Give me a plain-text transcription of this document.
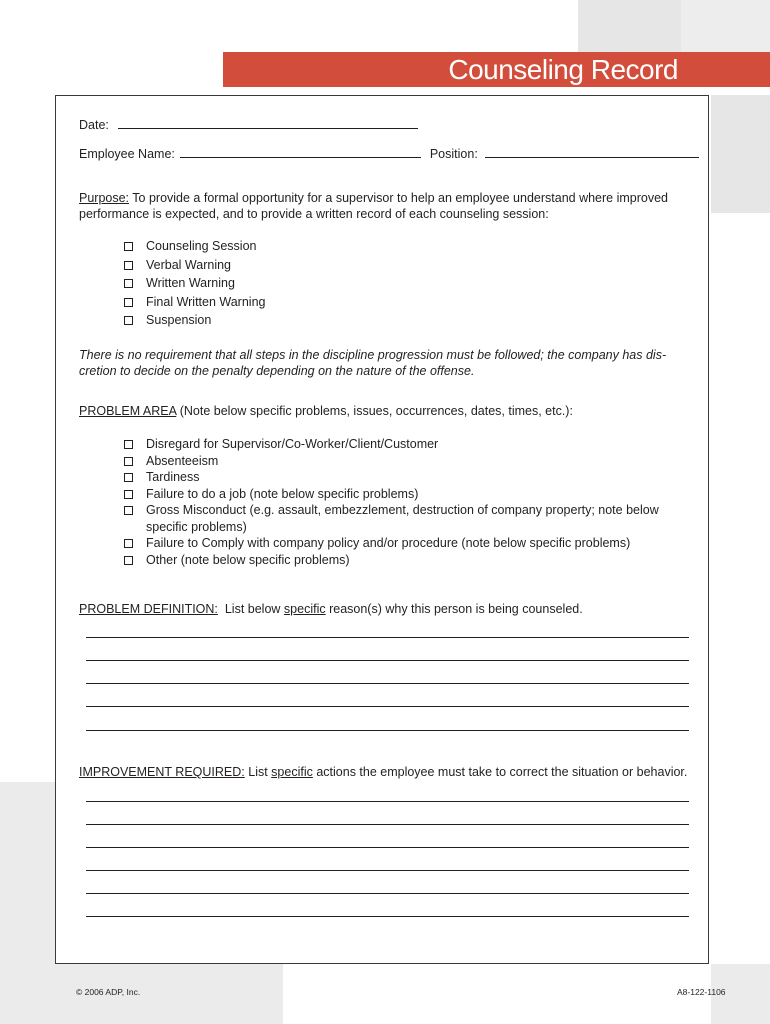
Counseling Record
Date:
Employee Name:	Position:
Purpose: To provide a formal opportunity for a supervisor to help an employee understand where improved
performance is expected, and to provide a written record of each counseling session:
Counseling Session
Verbal Warning
Written Warning
Final Written Warning
Suspension
There is no requirement that all steps in the discipline progression must be followed; the company has dis-
cretion to decide on the penalty depending on the nature of the offense.
PROBLEM AREA (Note below specific problems, issues, occurrences, dates, times, etc.):
Disregard for Supervisor/Co-Worker/Client/Customer
Absenteeism
Tardiness
Failure to do a job (note below specific problems)
Gross Misconduct (e.g. assault, embezzlement, destruction of company property; note below
specific problems)
Failure to Comply with company policy and/or procedure (note below specific problems)
Other (note below specific problems)
PROBLEM DEFINITION:  List below specific reason(s) why this person is being counseled.
IMPROVEMENT REQUIRED: List specific actions the employee must take to correct the situation or behavior.
© 2006 ADP, Inc.	A8-122-1106
